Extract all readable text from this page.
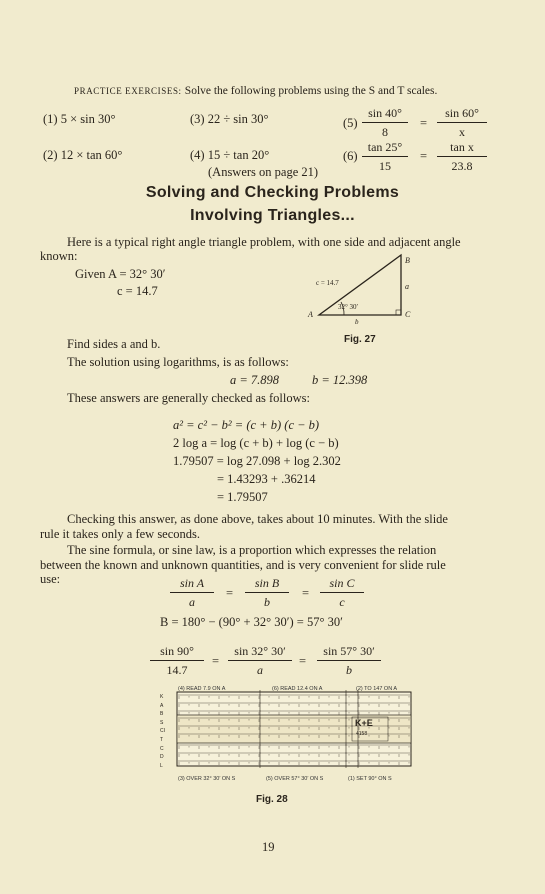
PRACTICE EXERCISES: Solve the following problems using the S and T scales.
(1) 5 × sin 30°	(3) 22 ÷ sin 30°	$(5) \frac{\sin 40^\circ}{8} = \frac{\sin 60^\circ}{x}$
(2) 12 × tan 60°	(4) 15 ÷ tan 20°	$(6) \frac{\tan 25^\circ}{15} = \frac{\text{tan x}}{23.8}$
(Answers on page 21)
Solving and Checking Problems
Involving Triangles...
Here is a typical right angle triangle problem, with one side and adjacent angle
known:
Given A = 32° 30′
c = 14.7
c = 14.7
32° 30′
A
B
C
a
b
Fig. 27
Find sides a and b.
The solution using logarithms, is as follows:
a = 7.898	b = 12.398
These answers are generally checked as follows:
a² = c² − b² = (c + b) (c − b)
2 log a = log (c + b) + log (c − b)
1.79507 = log 27.098 + log 2.302
= 1.43293 + .36214
= 1.79507
Checking this answer, as done above, takes about 10 minutes. With the slide
rule it takes only a few seconds.
The sine formula, or sine law, is a proportion which expresses the relation
between the known and unknown quantities, and is very convenient for slide rule
use:	$\frac{\text{sin A}}{a} = \frac{\text{sin B}}{b} = \frac{\text{sin C}}{c}$
B = 180° − (90° + 32° 30′) = 57° 30′
$\frac{\sin 90^\circ}{14.7} = \frac{\sin 32^\circ 30'}{a} = \frac{\sin 57^\circ 30'}{b}$
(4) READ 7.9 ON A	(6) READ 12.4 ON A	(2) TO 147 ON A
K+E
4158
K
A
B
S
CI
T
C
D
L
(3) OVER 32° 30′ ON S	(5) OVER 57° 30′ ON S	(1) SET 90° ON S
Fig. 28
19
